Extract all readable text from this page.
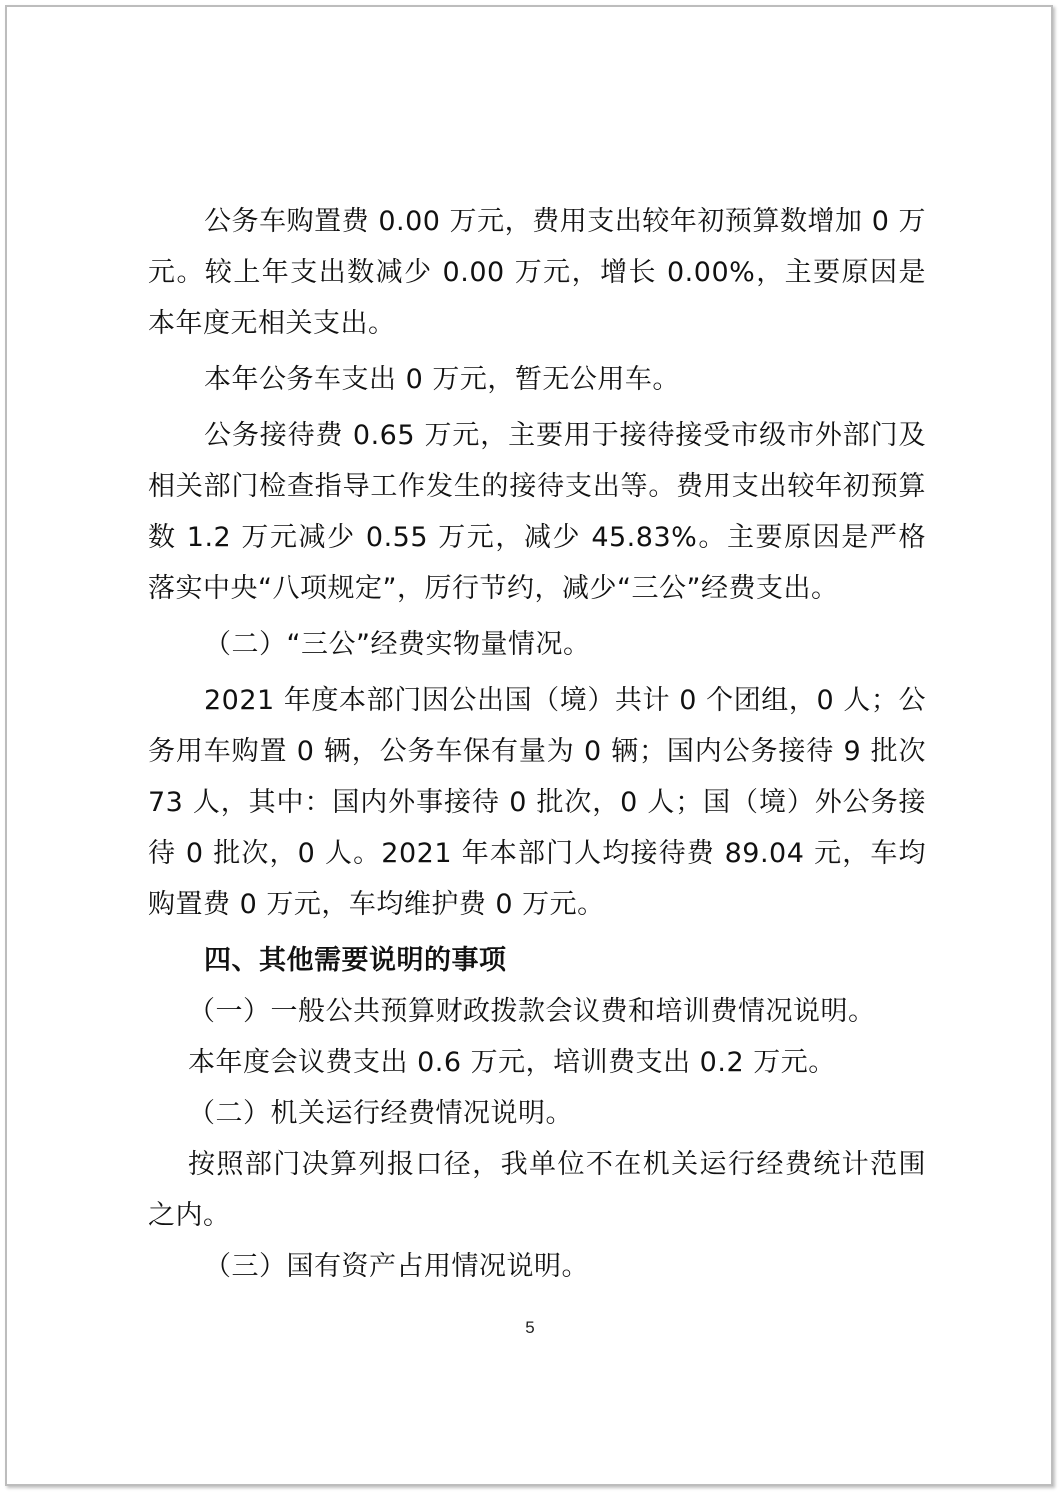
公务车购置费 0.00 万元，费用支出较年初预算数增加 0 万元。较上年支出数减少 0.00 万元，增长 0.00%，主要原因是本年度无相关支出。

本年公务车支出 0 万元，暂无公用车。

公务接待费 0.65 万元，主要用于接待接受市级市外部门及相关部门检查指导工作发生的接待支出等。费用支出较年初预算数 1.2 万元减少 0.55 万元，减少 45.83%。主要原因是严格落实中央“八项规定”，厉行节约，减少“三公”经费支出。

（二）“三公”经费实物量情况。

2021 年度本部门因公出国（境）共计 0 个团组，0 人；公务用车购置 0 辆，公务车保有量为 0 辆；国内公务接待 9 批次 73 人，其中：国内外事接待 0 批次，0 人；国（境）外公务接待 0 批次，0 人。2021 年本部门人均接待费 89.04 元，车均购置费 0 万元，车均维护费 0 万元。

四、其他需要说明的事项

（一）一般公共预算财政拨款会议费和培训费情况说明。

本年度会议费支出 0.6 万元，培训费支出 0.2 万元。

（二）机关运行经费情况说明。

按照部门决算列报口径，我单位不在机关运行经费统计范围之内。

（三）国有资产占用情况说明。

5
